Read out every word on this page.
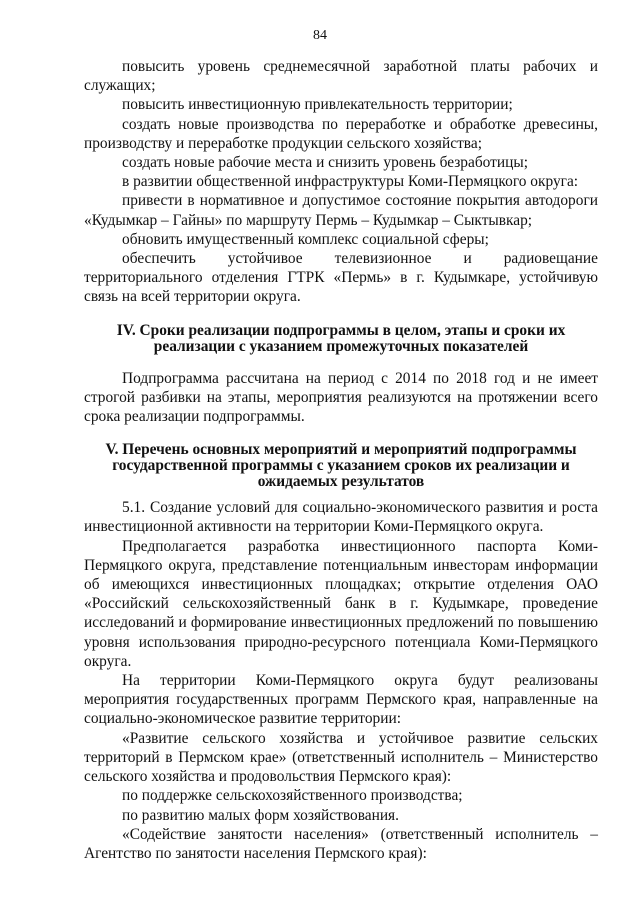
84

повысить уровень среднемесячной заработной платы рабочих и служащих;

повысить инвестиционную привлекательность территории;

создать новые производства по переработке и обработке древесины, производству и переработке продукции сельского хозяйства;

создать новые рабочие места и снизить уровень безработицы;

в развитии общественной инфраструктуры Коми-Пермяцкого округа:

привести в нормативное и допустимое состояние покрытия автодороги «Кудымкар – Гайны» по маршруту Пермь – Кудымкар – Сыктывкар;

обновить имущественный комплекс социальной сферы;

обеспечить устойчивое телевизионное и радиовещание территориального отделения ГТРК «Пермь» в г. Кудымкаре, устойчивую связь на всей территории округа.

IV. Сроки реализации подпрограммы в целом, этапы и сроки их реализации с указанием промежуточных показателей

Подпрограмма рассчитана на период с 2014 по 2018 год и не имеет строгой разбивки на этапы, мероприятия реализуются на протяжении всего срока реализации подпрограммы.

V. Перечень основных мероприятий и мероприятий подпрограммы государственной программы с указанием сроков их реализации и ожидаемых результатов

5.1. Создание условий для социально-экономического развития и роста инвестиционной активности на территории Коми-Пермяцкого округа.

Предполагается разработка инвестиционного паспорта Коми-Пермяцкого округа, представление потенциальным инвесторам информации об имеющихся инвестиционных площадках; открытие отделения ОАО «Российский сельскохозяйственный банк в г. Кудымкаре, проведение исследований и формирование инвестиционных предложений по повышению уровня использования природно-ресурсного потенциала Коми-Пермяцкого округа.

На территории Коми-Пермяцкого округа будут реализованы мероприятия государственных программ Пермского края, направленные на социально-экономическое развитие территории:

«Развитие сельского хозяйства и устойчивое развитие сельских территорий в Пермском крае» (ответственный исполнитель – Министерство сельского хозяйства и продовольствия Пермского края):

по поддержке сельскохозяйственного производства;

по развитию малых форм хозяйствования.

«Содействие занятости населения» (ответственный исполнитель – Агентство по занятости населения Пермского края):
